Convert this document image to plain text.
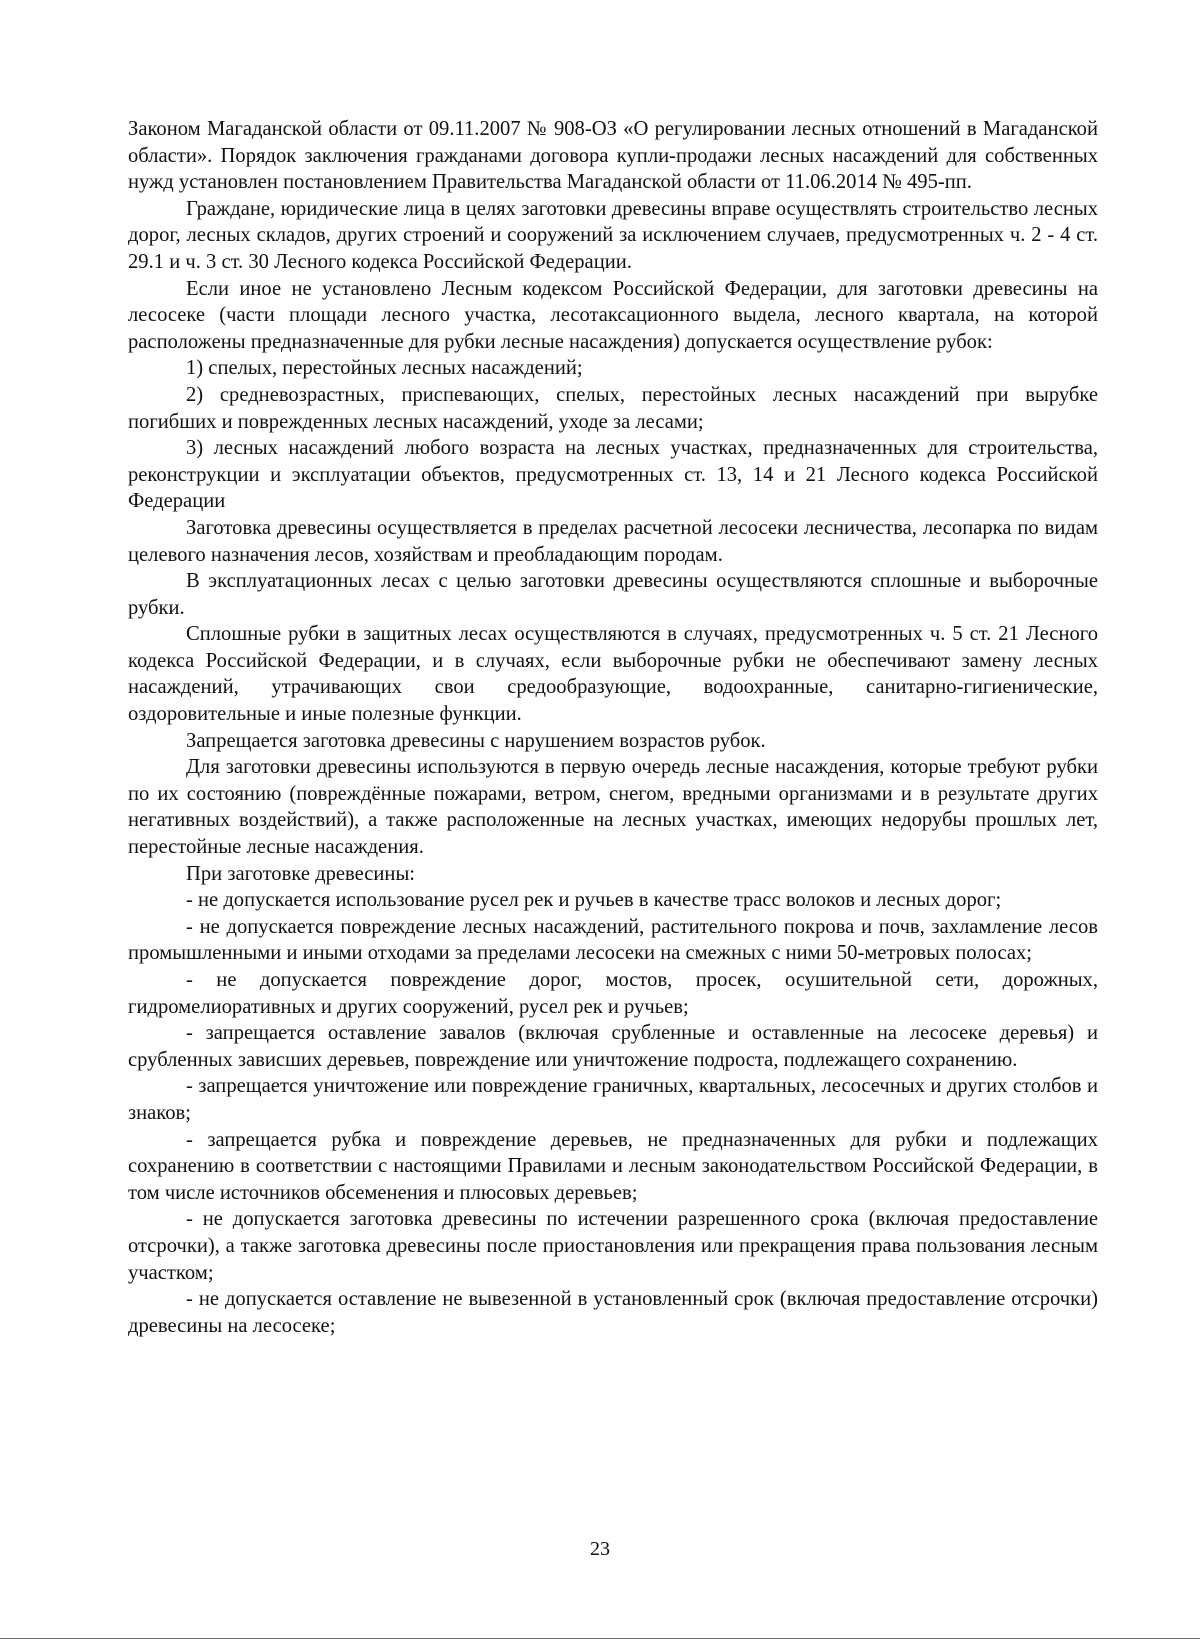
Законом Магаданской области от 09.11.2007 № 908-ОЗ «О регулировании лесных отношений в Магаданской области». Порядок заключения гражданами договора купли-продажи лесных насаждений для собственных нужд установлен постановлением Правительства Магаданской области от 11.06.2014 № 495-пп.

Граждане, юридические лица в целях заготовки древесины вправе осуществлять строительство лесных дорог, лесных складов, других строений и сооружений за исключением случаев, предусмотренных ч. 2 - 4 ст. 29.1 и ч. 3 ст. 30 Лесного кодекса Российской Федерации.

Если иное не установлено Лесным кодексом Российской Федерации, для заготовки древесины на лесосеке (части площади лесного участка, лесотаксационного выдела, лесного квартала, на которой расположены предназначенные для рубки лесные насаждения) допускается осуществление рубок:

1) спелых, перестойных лесных насаждений;

2) средневозрастных, приспевающих, спелых, перестойных лесных насаждений при вырубке погибших и поврежденных лесных насаждений, уходе за лесами;

3) лесных насаждений любого возраста на лесных участках, предназначенных для строительства, реконструкции и эксплуатации объектов, предусмотренных ст. 13, 14 и 21 Лесного кодекса Российской Федерации

Заготовка древесины осуществляется в пределах расчетной лесосеки лесничества, лесопарка по видам целевого назначения лесов, хозяйствам и преобладающим породам.

В эксплуатационных лесах с целью заготовки древесины осуществляются сплошные и выборочные рубки.

Сплошные рубки в защитных лесах осуществляются в случаях, предусмотренных ч. 5 ст. 21 Лесного кодекса Российской Федерации, и в случаях, если выборочные рубки не обеспечивают замену лесных насаждений, утрачивающих свои средообразующие, водоохранные, санитарно-гигиенические, оздоровительные и иные полезные функции.

Запрещается заготовка древесины с нарушением возрастов рубок.

Для заготовки древесины используются в первую очередь лесные насаждения, которые требуют рубки по их состоянию (повреждённые пожарами, ветром, снегом, вредными организмами и в результате других негативных воздействий), а также расположенные на лесных участках, имеющих недорубы прошлых лет, перестойные лесные насаждения.

При заготовке древесины:

- не допускается использование русел рек и ручьев в качестве трасс волоков и лесных дорог;

- не допускается повреждение лесных насаждений, растительного покрова и почв, захламление лесов промышленными и иными отходами за пределами лесосеки на смежных с ними 50-метровых полосах;

- не допускается повреждение дорог, мостов, просек, осушительной сети, дорожных, гидромелиоративных и других сооружений, русел рек и ручьев;

- запрещается оставление завалов (включая срубленные и оставленные на лесосеке деревья) и срубленных зависших деревьев, повреждение или уничтожение подроста, подлежащего сохранению.

- запрещается уничтожение или повреждение граничных, квартальных, лесосечных и других столбов и знаков;

- запрещается рубка и повреждение деревьев, не предназначенных для рубки и подлежащих сохранению в соответствии с настоящими Правилами и лесным законодательством Российской Федерации, в том числе источников обсеменения и плюсовых деревьев;

- не допускается заготовка древесины по истечении разрешенного срока (включая предоставление отсрочки), а также заготовка древесины после приостановления или прекращения права пользования лесным участком;

- не допускается оставление не вывезенной в установленный срок (включая предоставление отсрочки) древесины на лесосеке;

23
